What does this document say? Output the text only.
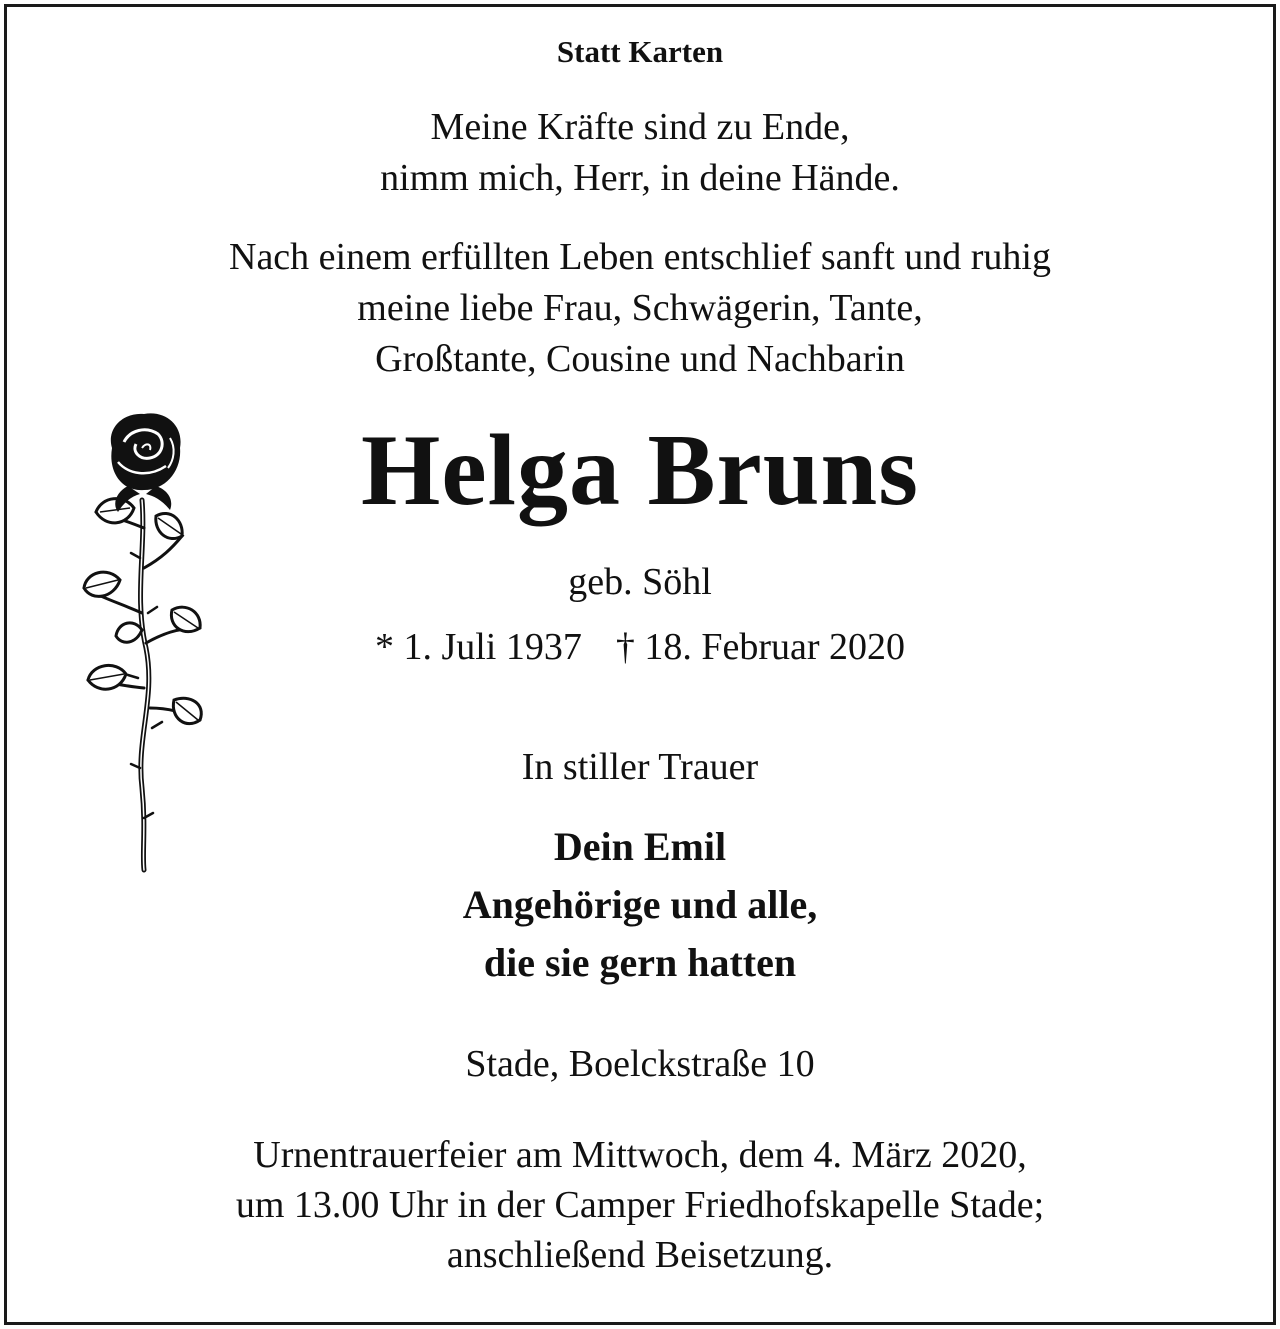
Statt Karten
Meine Kräfte sind zu Ende,
nimm mich, Herr, in deine Hände.
Nach einem erfüllten Leben entschlief sanft und ruhig
meine liebe Frau, Schwägerin, Tante,
Großtante, Cousine und Nachbarin
Helga Bruns
geb. Söhl
* 1. Juli 1937 † 18. Februar 2020
In stiller Trauer
Dein Emil
Angehörige und alle,
die sie gern hatten
Stade, Boelckstraße 10
Urnentrauerfeier am Mittwoch, dem 4. März 2020,
um 13.00 Uhr in der Camper Friedhofskapelle Stade;
anschließend Beisetzung.
